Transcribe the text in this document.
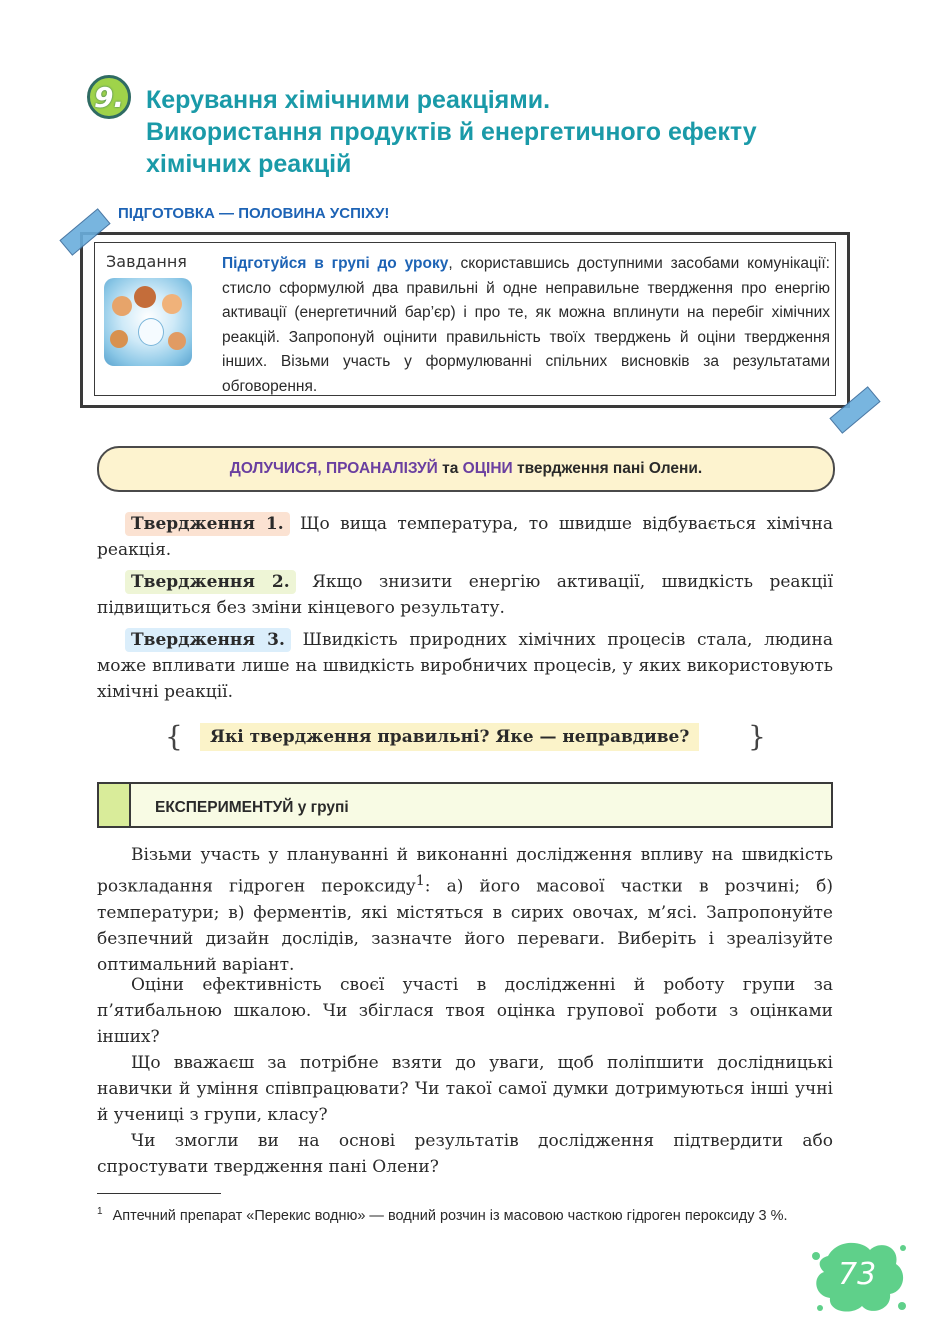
9. Керування хімічними реакціями.
Використання продуктів й енергетичного ефекту
хімічних реакцій
ПІДГОТОВКА — ПОЛОВИНА УСПІХУ!
Завдання Підготуйся в групі до уроку, скориставшись доступними засобами комунікації: стисло сформулюй два правильні й одне неправильне твердження про енергію активації (енергетичний бар’єр) і про те, як можна вплинути на перебіг хімічних реакцій. Запропонуй оцінити правильність твоїх тверджень й оціни твердження інших. Візьми участь у формулюванні спільних висновків за результатами обговорення.

ДОЛУЧИСЯ, ПРОАНАЛІЗУЙ та ОЦІНИ твердження пані Олени.

Твердження 1. Що вища температура, то швидше відбувається хімічна реакція.

Твердження 2. Якщо знизити енергію активації, швидкість реакції підвищиться без зміни кінцевого результату.

Твердження 3. Швидкість природних хімічних процесів стала, людина може впливати лише на швидкість виробничих процесів, у яких використовують хімічні реакції.

{	Які твердження правильні? Яке — неправдиве?	}
ЕКСПЕРИМЕНТУЙ у групі

Візьми участь у плануванні й виконанні дослідження впливу на швидкість розкладання гідроген пероксиду$^1$: а) його масової частки в розчині; б) температури; в) ферментів, які містяться в сирих овочах, м’ясі. Запропонуйте безпечний дизайн дослідів, зазначте його переваги. Виберіть і зреалізуйте оптимальний варіант.

Оціни ефективність своєї участі в дослідженні й роботу групи за п’ятибальною шкалою. Чи збіглася твоя оцінка групової роботи з оцінками інших?

Що вважаєш за потрібне взяти до уваги, щоб поліпшити дослідницькі навички й уміння співпрацювати? Чи такої самої думки дотримуються інші учні й учениці з групи, класу?

Чи змогли ви на основі результатів дослідження підтвердити або спростувати твердження пані Олени?

$^1$ Аптечний препарат «Перекис водню» — водний розчин із масовою часткою гідроген пероксиду 3 %.

73
